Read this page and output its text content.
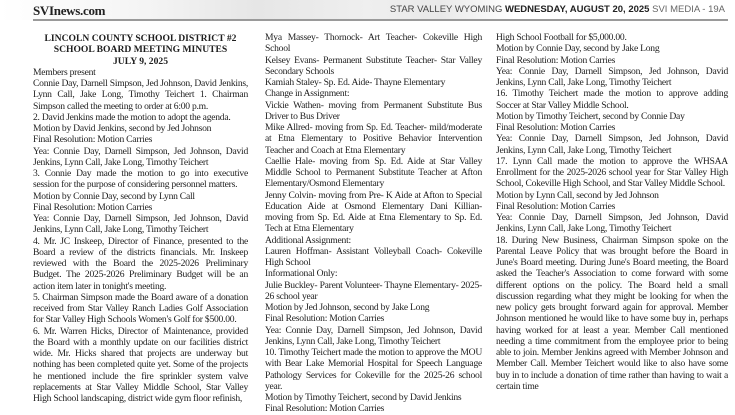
SVInews.com	STAR VALLEY WYOMING WEDNESDAY, AUGUST 20, 2025 SVI MEDIA - 19A
LINCOLN COUNTY SCHOOL DISTRICT #2
SCHOOL BOARD MEETING MINUTES
JULY 9, 2025

Members present

Connie Day, Darnell Simpson, Jed Johnson, David Jenkins, Lynn Call, Jake Long, Timothy Teichert 1. Chairman Simpson called the meeting to order at 6:00 p.m.

2. David Jenkins made the motion to adopt the agenda.

Motion by David Jenkins, second by Jed Johnson

Final Resolution: Motion Carries

Yea: Connie Day, Darnell Simpson, Jed Johnson, David Jenkins, Lynn Call, Jake Long, Timothy Teichert

3. Connie Day made the motion to go into executive session for the purpose of considering personnel matters.

Motion by Connie Day, second by Lynn Call

Final Resolution: Motion Carries

Yea: Connie Day, Darnell Simpson, Jed Johnson, David Jenkins, Lynn Call, Jake Long, Timothy Teichert

4. Mr. JC Inskeep, Director of Finance, presented to the Board a review of the districts financials. Mr. Inskeep reviewed with the Board the 2025-2026 Preliminary Budget. The 2025-2026 Preliminary Budget will be an action item later in tonight's meeting.

5. Chairman Simpson made the Board aware of a donation received from Star Valley Ranch Ladies Golf Association for Star Valley High Schools Women's Golf for $500.00.

6. Mr. Warren Hicks, Director of Maintenance, provided the Board with a monthly update on our facilities district wide. Mr. Hicks shared that projects are underway but nothing has been completed quite yet. Some of the projects he mentioned include the fire sprinkler system valve replacements at Star Valley Middle School, Star Valley High School landscaping, district wide gym floor refinish,

Mya Massey- Thornock- Art Teacher- Cokeville High School

Kelsey Evans- Permanent Substitute Teacher- Star Valley Secondary Schools

Kamiah Staley- Sp. Ed. Aide- Thayne Elementary

Change in Assignment:

Vickie Wathen- moving from Permanent Substitute Bus Driver to Bus Driver

Mike Allred- moving from Sp. Ed. Teacher- mild/moderate at Etna Elementary to Positive Behavior Intervention Teacher and Coach at Etna Elementary

Caellie Hale- moving from Sp. Ed. Aide at Star Valley Middle School to Permanent Substitute Teacher at Afton Elementary/Osmond Elementary

Jenny Colvin- moving from Pre- K Aide at Afton to Special Education Aide at Osmond Elementary Dani Killian- moving from Sp. Ed. Aide at Etna Elementary to Sp. Ed. Tech at Etna Elementary

Additional Assignment:

Lauren Hoffman- Assistant Volleyball Coach- Cokeville High School

Informational Only:

Julie Buckley- Parent Volunteer- Thayne Elementary- 2025-26 school year

Motion by Jed Johnson, second by Jake Long

Final Resolution: Motion Carries

Yea: Connie Day, Darnell Simpson, Jed Johnson, David Jenkins, Lynn Call, Jake Long, Timothy Teichert

10. Timothy Teichert made the motion to approve the MOU with Bear Lake Memorial Hospital for Speech Language Pathology Services for Cokeville for the 2025-26 school year.

Motion by Timothy Teichert, second by David Jenkins

Final Resolution: Motion Carries

High School Football for $5,000.00.

Motion by Connie Day, second by Jake Long

Final Resolution: Motion Carries

Yea: Connie Day, Darnell Simpson, Jed Johnson, David Jenkins, Lynn Call, Jake Long, Timothy Teichert

16. Timothy Teichert made the motion to approve adding Soccer at Star Valley Middle School.

Motion by Timothy Teichert, second by Connie Day

Final Resolution: Motion Carries

Yea: Connie Day, Darnell Simpson, Jed Johnson, David Jenkins, Lynn Call, Jake Long, Timothy Teichert

17. Lynn Call made the motion to approve the WHSAA Enrollment for the 2025-2026 school year for Star Valley High School, Cokeville High School, and Star Valley Middle School.

Motion by Lynn Call, second by Jed Johnson

Final Resolution: Motion Carries

Yea: Connie Day, Darnell Simpson, Jed Johnson, David Jenkins, Lynn Call, Jake Long, Timothy Teichert

18. During New Business, Chairman Simpson spoke on the Parental Leave Policy that was brought before the Board in June's Board meeting. During June's Board meeting, the Board asked the Teacher's Association to come forward with some different options on the policy. The Board held a small discussion regarding what they might be looking for when the new policy gets brought forward again for approval. Member Johnson mentioned he would like to have some buy in, perhaps having worked for at least a year. Member Call mentioned needing a time commitment from the employee prior to being able to join. Member Jenkins agreed with Member Johnson and Member Call. Member Teichert would like to also have some buy in to include a donation of time rather than having to wait a certain time
